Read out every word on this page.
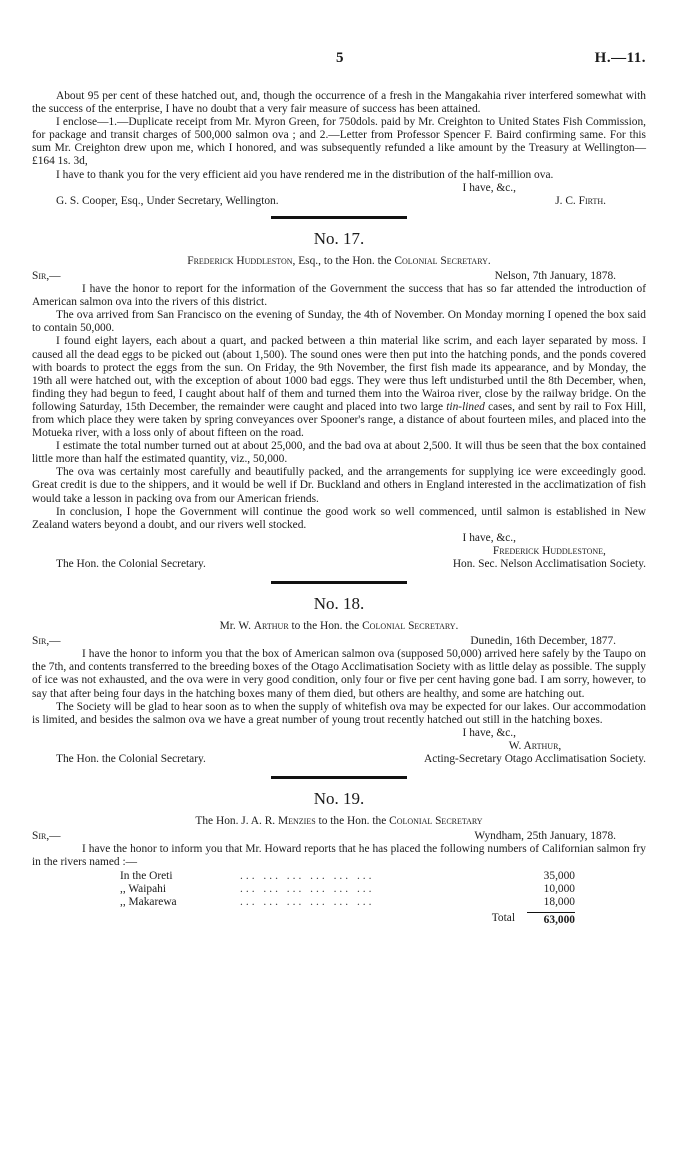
5	H.—11.

About 95 per cent of these hatched out, and, though the occurrence of a fresh in the Mangakahia river interfered somewhat with the success of the enterprise, I have no doubt that a very fair measure of success has been attained.

I enclose—1.—Duplicate receipt from Mr. Myron Green, for 750dols. paid by Mr. Creighton to United States Fish Commission, for package and transit charges of 500,000 salmon ova ; and 2.—Letter from Professor Spencer F. Baird confirming same. For this sum Mr. Creighton drew upon me, which I honored, and was subsequently refunded a like amount by the Treasury at Wellington—£164 1s. 3d,

I have to thank you for the very efficient aid you have rendered me in the distribution of the half-million ova.

I have, &c.,
G. S. Cooper, Esq., Under Secretary, Wellington.	J. C. Firth.
No. 17.
Frederick Huddleston, Esq., to the Hon. the Colonial Secretary.
Sir,—	Nelson, 7th January, 1878.

I have the honor to report for the information of the Government the success that has so far attended the introduction of American salmon ova into the rivers of this district.

The ova arrived from San Francisco on the evening of Sunday, the 4th of November. On Monday morning I opened the box said to contain 50,000.

I found eight layers, each about a quart, and packed between a thin material like scrim, and each layer separated by moss. I caused all the dead eggs to be picked out (about 1,500). The sound ones were then put into the hatching ponds, and the ponds covered with boards to protect the eggs from the sun. On Friday, the 9th November, the first fish made its appearance, and by Monday, the 19th all were hatched out, with the exception of about 1000 bad eggs. They were thus left undisturbed until the 8th December, when, finding they had begun to feed, I caught about half of them and turned them into the Wairoa river, close by the railway bridge. On the following Saturday, 15th December, the remainder were caught and placed into two large tin-lined cases, and sent by rail to Fox Hill, from which place they were taken by spring conveyances over Spooner's range, a distance of about fourteen miles, and placed into the Motueka river, with a loss only of about fifteen on the road.

I estimate the total number turned out at about 25,000, and the bad ova at about 2,500. It will thus be seen that the box contained little more than half the estimated quantity, viz., 50,000.

The ova was certainly most carefully and beautifully packed, and the arrangements for supplying ice were exceedingly good. Great credit is due to the shippers, and it would be well if Dr. Buckland and others in England interested in the acclimatization of fish would take a lesson in packing ova from our American friends.

In conclusion, I hope the Government will continue the good work so well commenced, until salmon is established in New Zealand waters beyond a doubt, and our rivers well stocked.

I have, &c.,
The Hon. the Colonial Secretary.
Frederick Huddlestone,
Hon. Sec. Nelson Acclimatisation Society.
No. 18.
Mr. W. Arthur to the Hon. the Colonial Secretary.
Sir,—	Dunedin, 16th December, 1877.

I have the honor to inform you that the box of American salmon ova (supposed 50,000) arrived here safely by the Taupo on the 7th, and contents transferred to the breeding boxes of the Otago Acclimatisation Society with as little delay as possible. The supply of ice was not exhausted, and the ova were in very good condition, only four or five per cent having gone bad. I am sorry, however, to say that after being four days in the hatching boxes many of them died, but others are healthy, and some are hatching out.

The Society will be glad to hear soon as to when the supply of whitefish ova may be expected for our lakes. Our accommodation is limited, and besides the salmon ova we have a great number of young trout recently hatched out still in the hatching boxes.

I have, &c.,
The Hon. the Colonial Secretary.
W. Arthur,
Acting-Secretary Otago Acclimatisation Society.
No. 19.
The Hon. J. A. R. Menzies to the Hon. the Colonial Secretary
Sir,—	Wyndham, 25th January, 1878.

I have the honor to inform you that Mr. Howard reports that he has placed the following numbers of Californian salmon fry in the rivers named :—

In the Oreti	... ... ... ... ... ...	35,000
,, Waipahi	... ... ... ... ... ...	10,000
,, Makarewa	... ... ... ... ... ...	18,000
Total	63,000
